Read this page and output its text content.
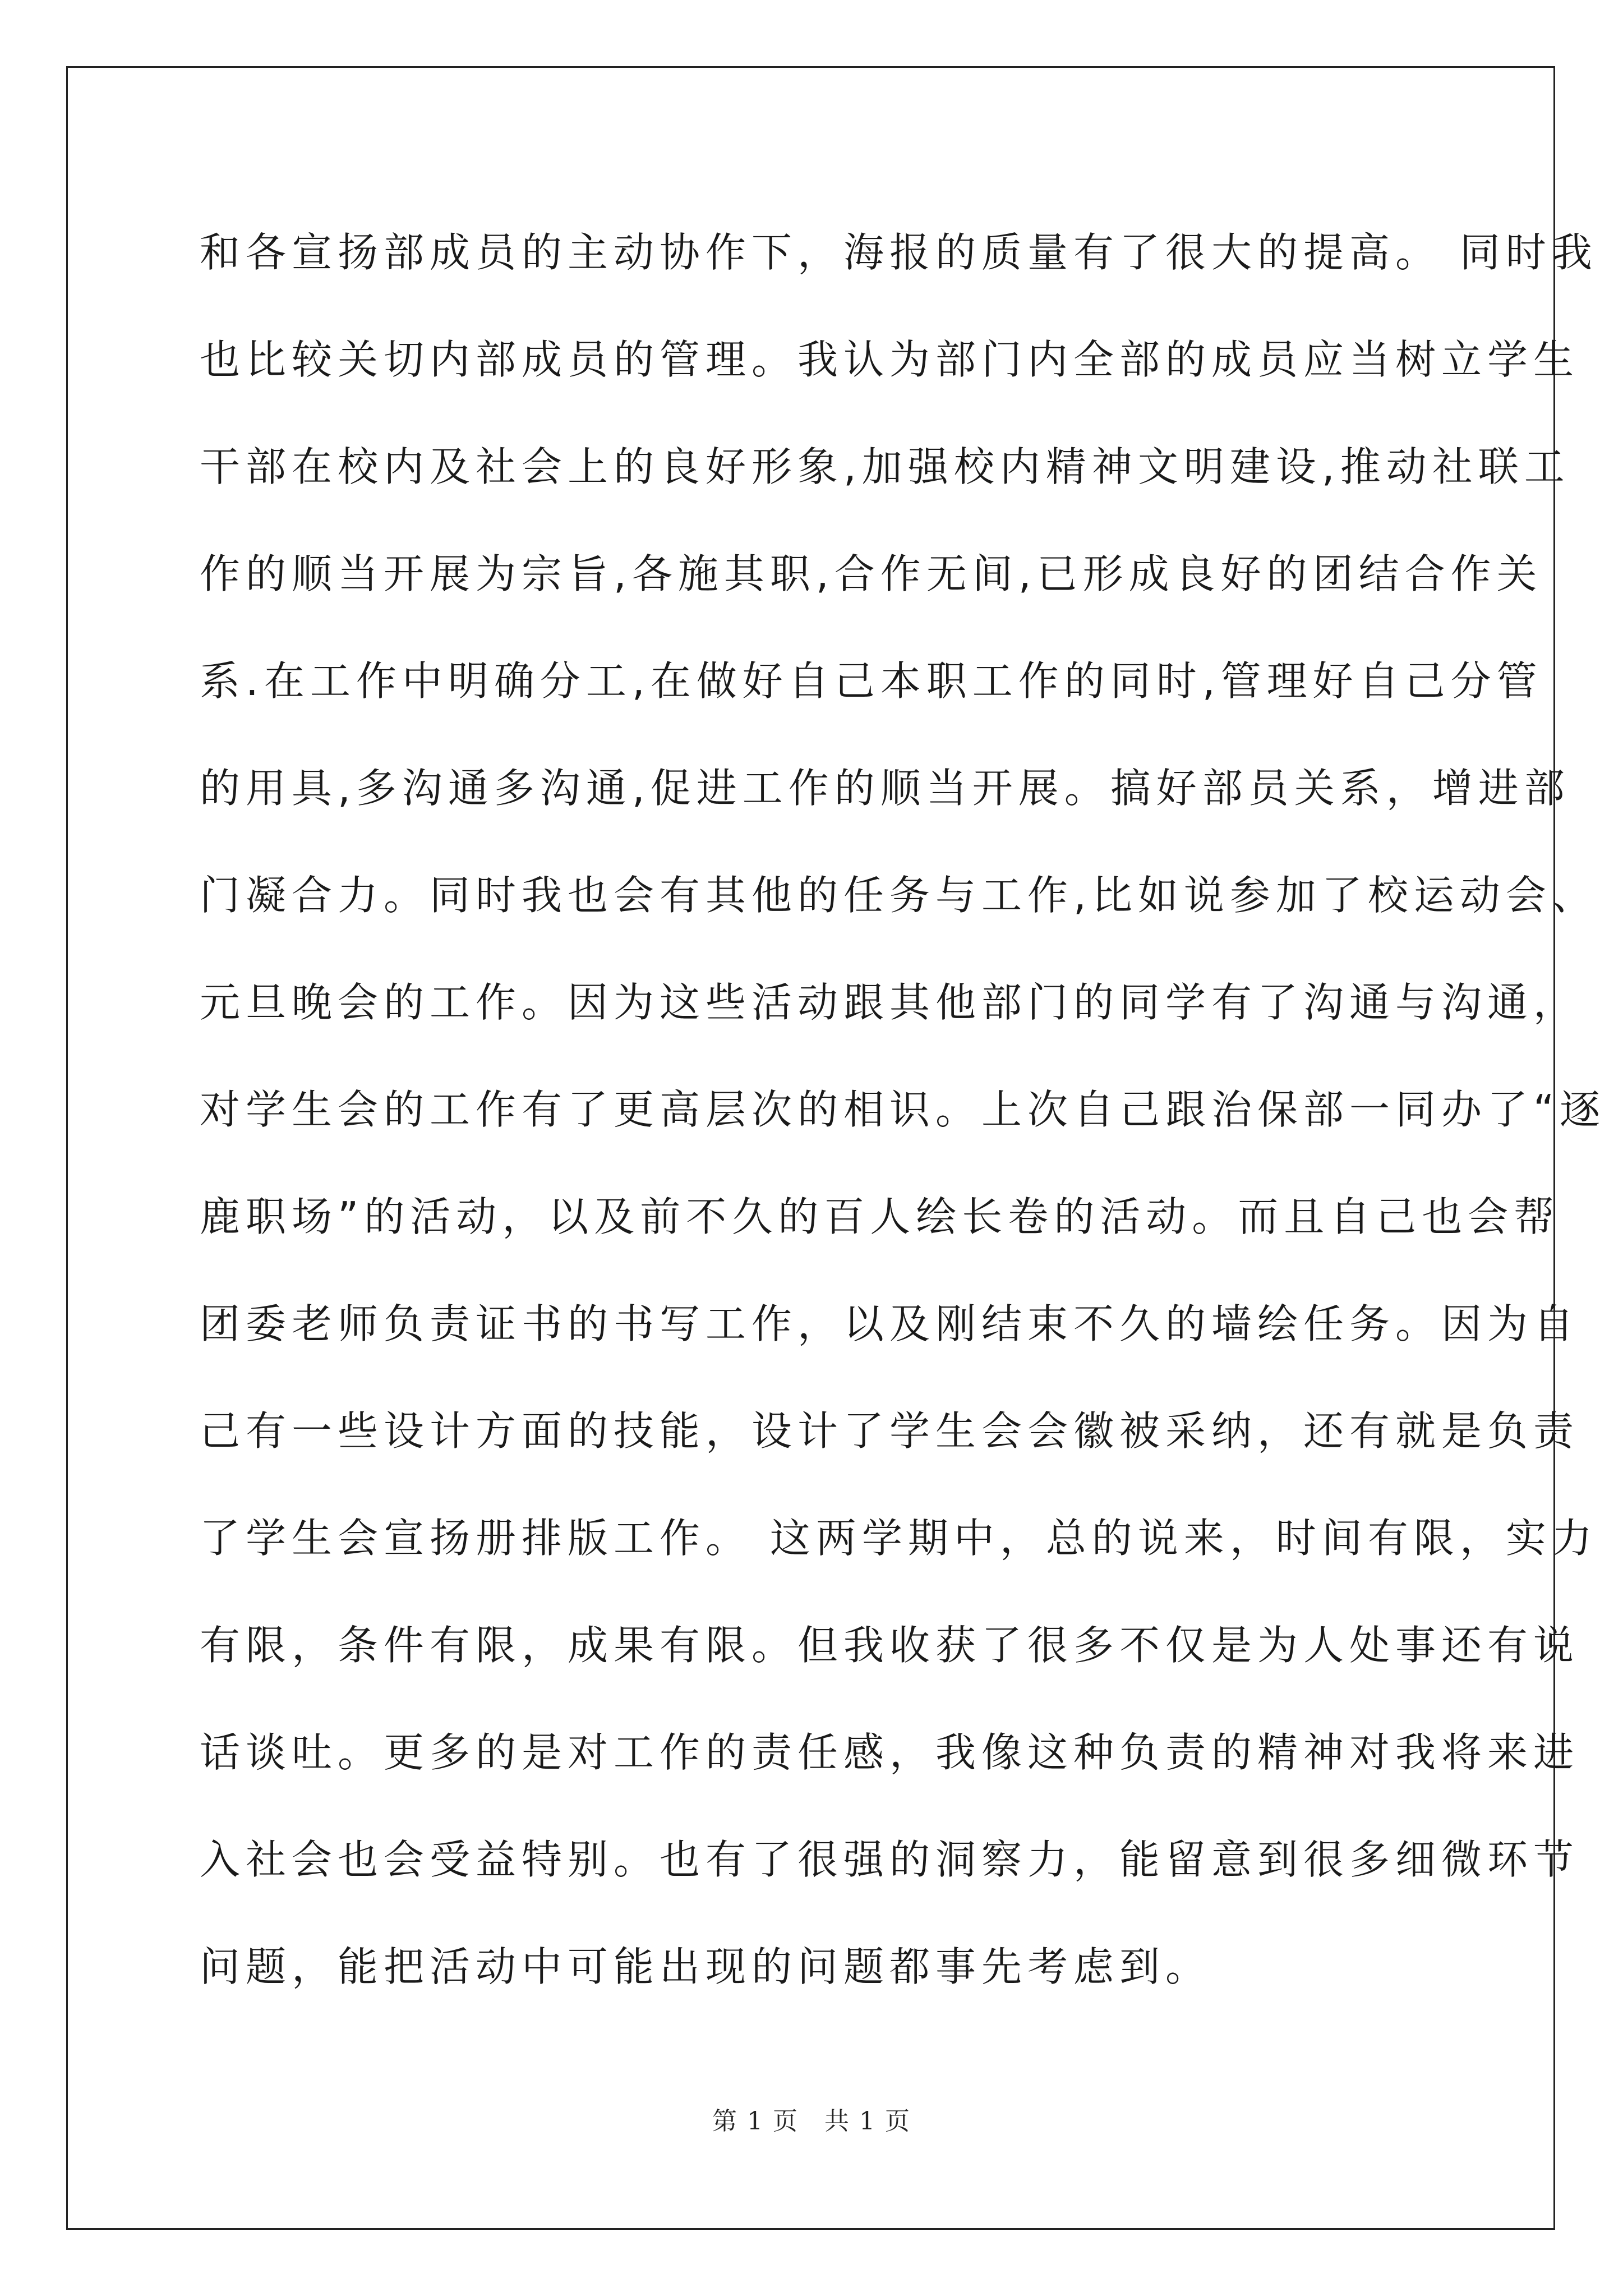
和各宣扬部成员的主动协作下，海报的质量有了很大的提高。 同时我
也比较关切内部成员的管理。我认为部门内全部的成员应当树立学生
干部在校内及社会上的良好形象,加强校内精神文明建设,推动社联工
作的顺当开展为宗旨,各施其职,合作无间,已形成良好的团结合作关
系.在工作中明确分工,在做好自己本职工作的同时,管理好自己分管
的用具,多沟通多沟通,促进工作的顺当开展。搞好部员关系，增进部
门凝合力。同时我也会有其他的任务与工作,比如说参加了校运动会、
元旦晚会的工作。因为这些活动跟其他部门的同学有了沟通与沟通，
对学生会的工作有了更高层次的相识。上次自己跟治保部一同办了“逐
鹿职场”的活动，以及前不久的百人绘长卷的活动。而且自己也会帮
团委老师负责证书的书写工作，以及刚结束不久的墙绘任务。因为自
己有一些设计方面的技能，设计了学生会会徽被采纳，还有就是负责
了学生会宣扬册排版工作。 这两学期中，总的说来，时间有限，实力
有限，条件有限，成果有限。但我收获了很多不仅是为人处事还有说
话谈吐。更多的是对工作的责任感，我像这种负责的精神对我将来进
入社会也会受益特别。也有了很强的洞察力，能留意到很多细微环节
问题，能把活动中可能出现的问题都事先考虑到。
第 1 页　共 1 页
